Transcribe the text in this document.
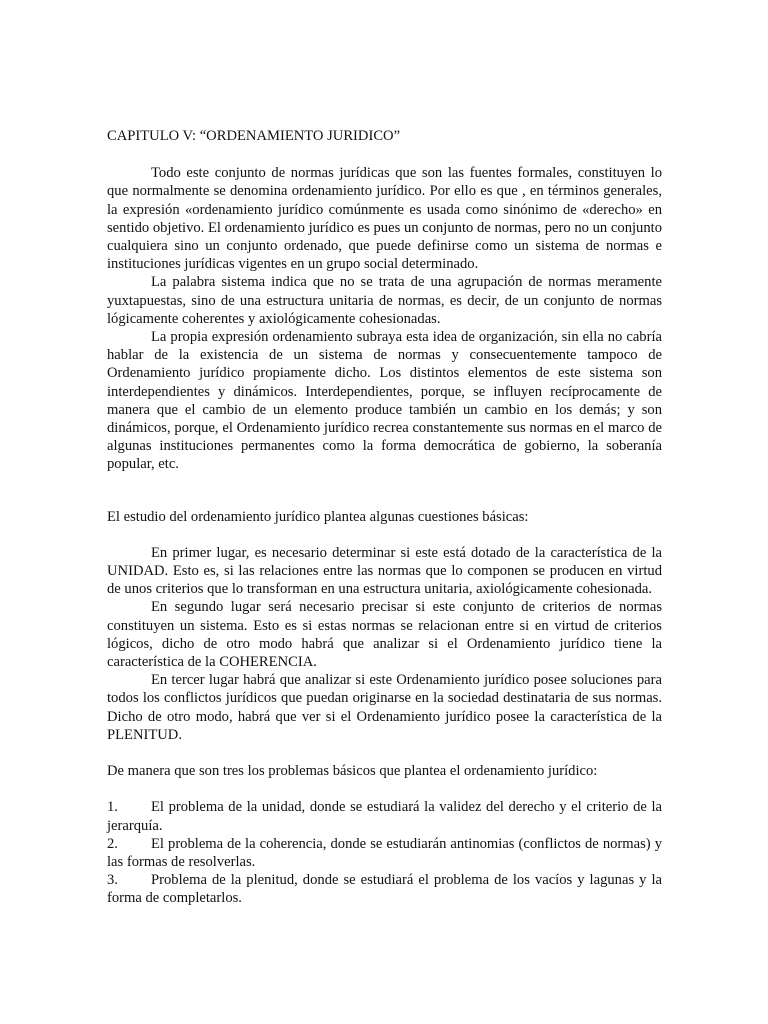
CAPITULO V: “ORDENAMIENTO JURIDICO”

Todo este conjunto de normas jurídicas que son las fuentes formales, constituyen lo que normalmente se denomina ordenamiento jurídico. Por ello es que , en términos generales, la expresión «ordenamiento jurídico comúnmente es usada como sinónimo de «derecho» en sentido objetivo. El ordenamiento jurídico es pues un conjunto de normas, pero no un conjunto cualquiera sino un conjunto ordenado, que puede definirse como un sistema de normas e instituciones jurídicas vigentes en un grupo social determinado.

La palabra sistema indica que no se trata de una agrupación de normas meramente yuxtapuestas, sino de una estructura unitaria de normas, es decir, de un conjunto de normas lógicamente coherentes y axiológicamente cohesionadas.

La propia expresión ordenamiento subraya esta idea de organización, sin ella no cabría hablar de la existencia de un sistema de normas y consecuentemente tampoco de Ordenamiento jurídico propiamente dicho. Los distintos elementos de este sistema son interdependientes y dinámicos. Interdependientes, porque, se influyen recíprocamente de manera que el cambio de un elemento produce también un cambio en los demás; y son dinámicos, porque, el Ordenamiento jurídico recrea constantemente sus normas en el marco de algunas instituciones permanentes como la forma democrática de gobierno, la soberanía popular, etc.

El estudio del ordenamiento jurídico plantea algunas cuestiones básicas:

En primer lugar, es necesario determinar si este está dotado de la característica de la UNIDAD. Esto es, si las relaciones entre las normas que lo componen se producen en virtud de unos criterios que lo transforman en una estructura unitaria, axiológicamente cohesionada.

En segundo lugar será necesario precisar si este conjunto de criterios de normas constituyen un sistema. Esto es si estas normas se relacionan entre si en virtud de criterios lógicos, dicho de otro modo habrá que analizar si el Ordenamiento jurídico tiene la característica de la COHERENCIA.

En tercer lugar habrá que analizar si este Ordenamiento jurídico posee soluciones para todos los conflictos jurídicos que puedan originarse en la sociedad destinataria de sus normas. Dicho de otro modo, habrá que ver si el Ordenamiento jurídico posee la característica de la PLENITUD.

De manera que son tres los problemas básicos que plantea el ordenamiento jurídico:

1. El problema de la unidad, donde se estudiará la validez del derecho y el criterio de la jerarquía.
2. El problema de la coherencia, donde se estudiarán antinomias (conflictos de normas) y las formas de resolverlas.
3. Problema de la plenitud, donde se estudiará el problema de los vacíos y lagunas y la forma de completarlos.
